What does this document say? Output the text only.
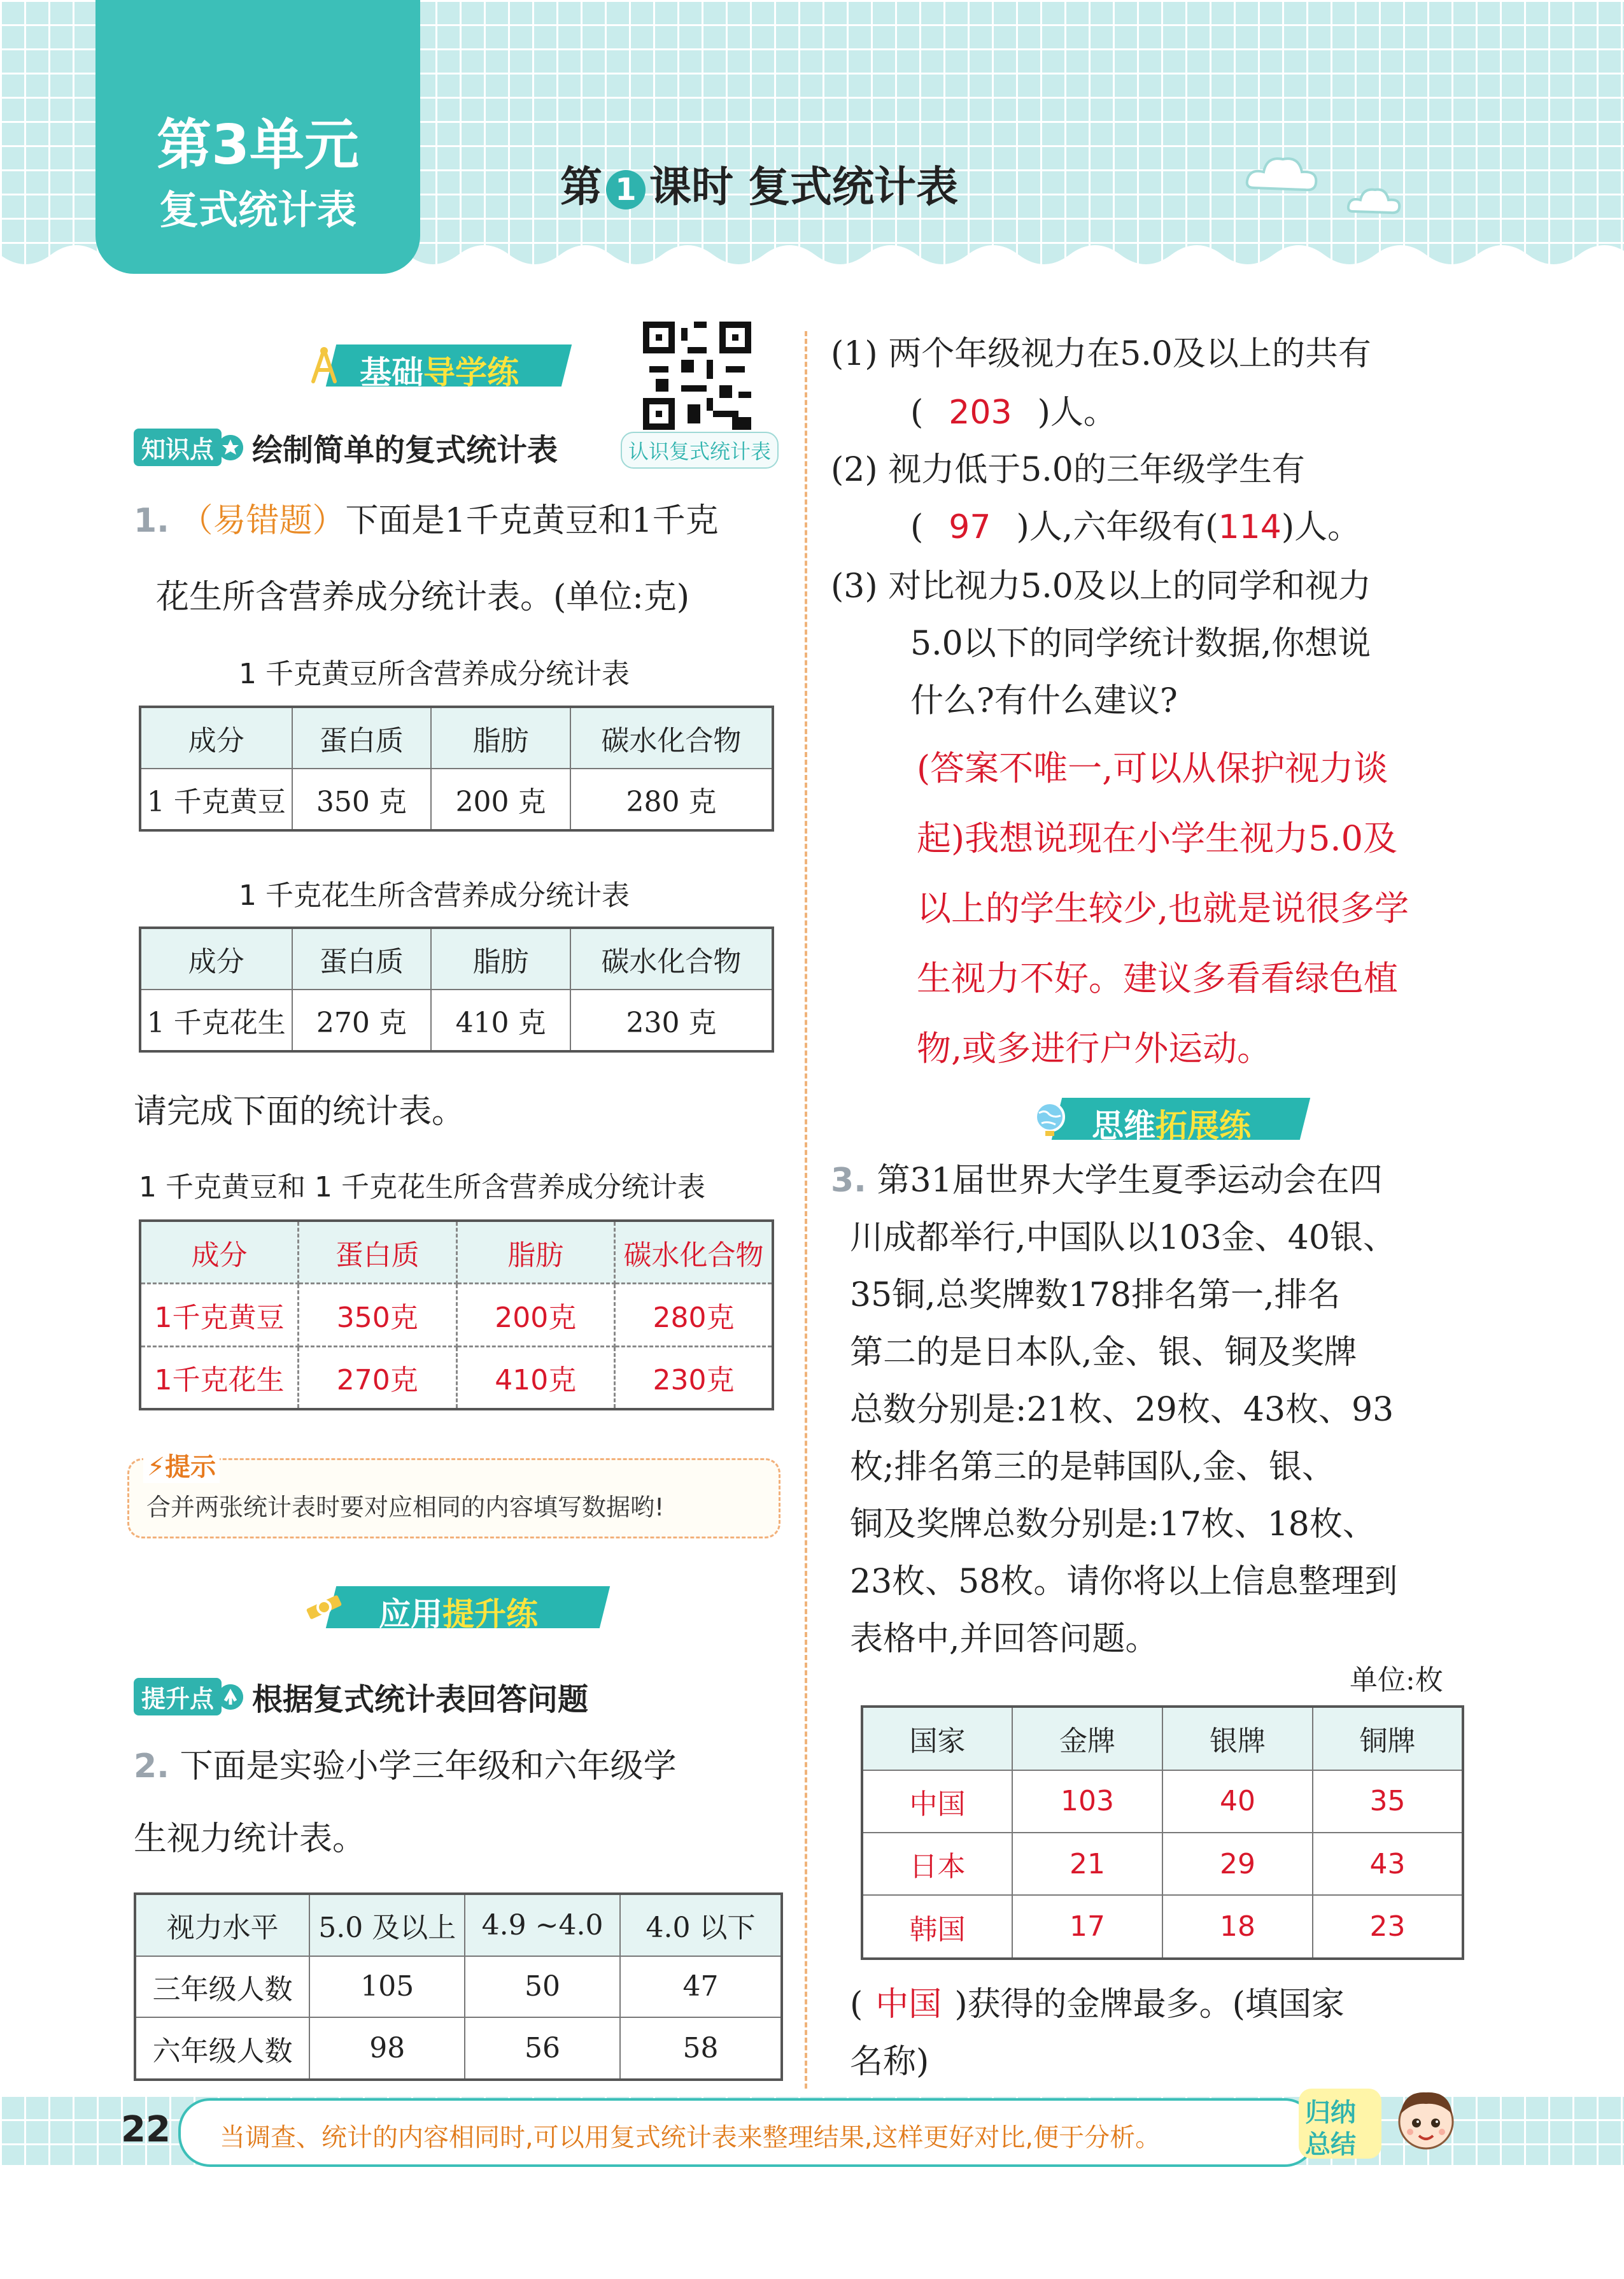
第3单元
复式统计表	第 1 课时 复式统计表
基础导学练
认识复式统计表
知识点 绘制简单的复式统计表
1. （易错题）下面是1千克黄豆和1千克
花生所含营养成分统计表。(单位:克)
1 千克黄豆所含营养成分统计表
成分	蛋白质	脂肪	碳水化合物
1 千克黄豆	350 克	200 克	280 克
1 千克花生所含营养成分统计表
成分	蛋白质	脂肪	碳水化合物
1 千克花生	270 克	410 克	230 克
请完成下面的统计表。
1 千克黄豆和 1 千克花生所含营养成分统计表
成分	蛋白质	脂肪	碳水化合物
1千克黄豆	350克	200克	280克
1千克花生	270克	410克	230克
⚡提示
合并两张统计表时要对应相同的内容填写数据哟!
应用提升练
提升点 根据复式统计表回答问题
2. 下面是实验小学三年级和六年级学
生视力统计表。
视力水平	5.0 及以上	4.9 ~4.0	4.0 以下
三年级人数	105	50	47
六年级人数	98	56	58
(1) 两个年级视力在5.0及以上的共有
( 203 )人。
(2) 视力低于5.0的三年级学生有
( 97 )人,六年级有(114)人。
(3) 对比视力5.0及以上的同学和视力
5.0以下的同学统计数据,你想说
什么?有什么建议?
(答案不唯一,可以从保护视力谈
起)我想说现在小学生视力5.0及
以上的学生较少,也就是说很多学
生视力不好。建议多看看绿色植
物,或多进行户外运动。
思维拓展练
3. 第31届世界大学生夏季运动会在四
川成都举行,中国队以103金、40银、
35铜,总奖牌数178排名第一,排名
第二的是日本队,金、银、铜及奖牌
总数分别是:21枚、29枚、43枚、93
枚;排名第三的是韩国队,金、银、
铜及奖牌总数分别是:17枚、18枚、
23枚、58枚。请你将以上信息整理到
表格中,并回答问题。
单位:枚
国家	金牌	银牌	铜牌
中国	103	40	35
日本	21	29	43
韩国	17	18	23
( 中国 )获得的金牌最多。(填国家
名称)
22 当调查、统计的内容相同时,可以用复式统计表来整理结果,这样更好对比,便于分析。
归纳
总结
